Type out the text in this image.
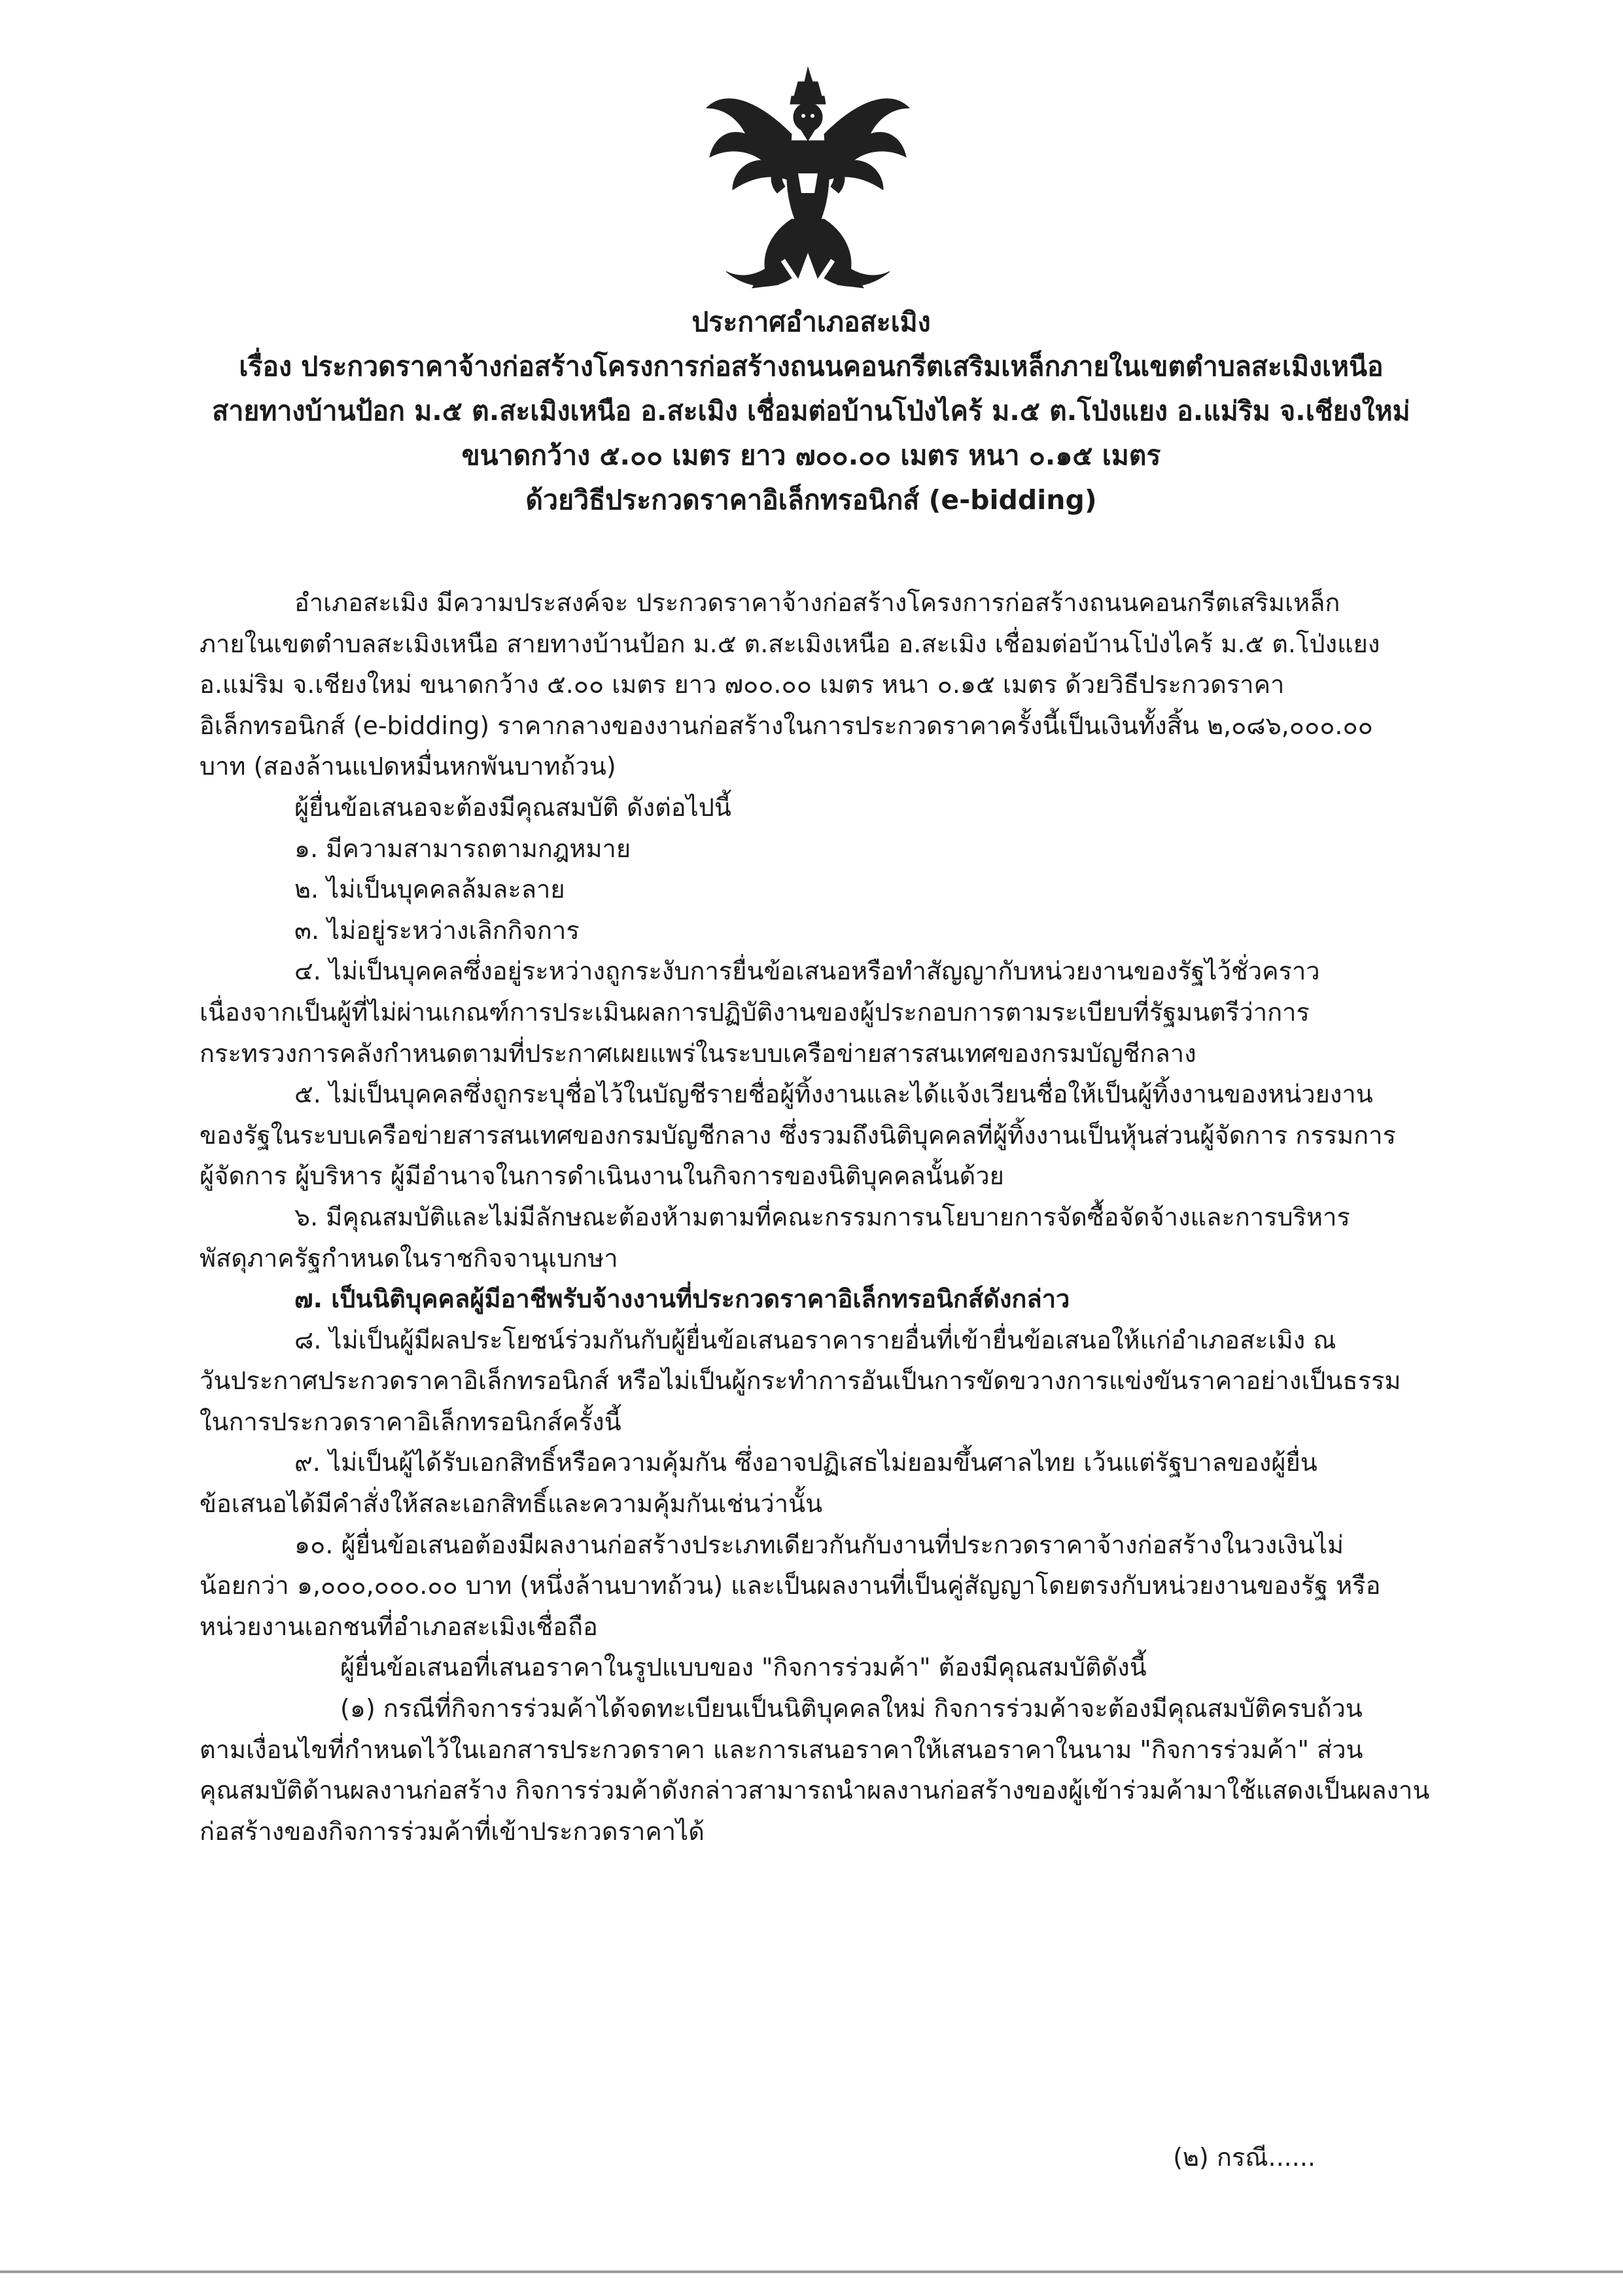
ประกาศอำเภอสะเมิง
เรื่อง ประกวดราคาจ้างก่อสร้างโครงการก่อสร้างถนนคอนกรีตเสริมเหล็กภายในเขตตำบลสะเมิงเหนือ
สายทางบ้านป้อก ม.๕ ต.สะเมิงเหนือ อ.สะเมิง เชื่อมต่อบ้านโป่งไคร้ ม.๕ ต.โป่งแยง อ.แม่ริม จ.เชียงใหม่
ขนาดกว้าง ๕.๐๐ เมตร ยาว ๗๐๐.๐๐ เมตร หนา ๐.๑๕ เมตร
ด้วยวิธีประกวดราคาอิเล็กทรอนิกส์ (e-bidding)
อำเภอสะเมิง มีความประสงค์จะ ประกวดราคาจ้างก่อสร้างโครงการก่อสร้างถนนคอนกรีตเสริมเหล็ก
ภายในเขตตำบลสะเมิงเหนือ สายทางบ้านป้อก ม.๕ ต.สะเมิงเหนือ อ.สะเมิง เชื่อมต่อบ้านโป่งไคร้ ม.๕ ต.โป่งแยง
อ.แม่ริม จ.เชียงใหม่ ขนาดกว้าง ๕.๐๐ เมตร ยาว ๗๐๐.๐๐ เมตร หนา ๐.๑๕ เมตร ด้วยวิธีประกวดราคา
อิเล็กทรอนิกส์ (e-bidding) ราคากลางของงานก่อสร้างในการประกวดราคาครั้งนี้เป็นเงินทั้งสิ้น ๒,๐๘๖,๐๐๐.๐๐
บาท (สองล้านแปดหมื่นหกพันบาทถ้วน)
ผู้ยื่นข้อเสนอจะต้องมีคุณสมบัติ ดังต่อไปนี้
๑. มีความสามารถตามกฎหมาย
๒. ไม่เป็นบุคคลล้มละลาย
๓. ไม่อยู่ระหว่างเลิกกิจการ
๔. ไม่เป็นบุคคลซึ่งอยู่ระหว่างถูกระงับการยื่นข้อเสนอหรือทำสัญญากับหน่วยงานของรัฐไว้ชั่วคราว
เนื่องจากเป็นผู้ที่ไม่ผ่านเกณฑ์การประเมินผลการปฏิบัติงานของผู้ประกอบการตามระเบียบที่รัฐมนตรีว่าการ
กระทรวงการคลังกำหนดตามที่ประกาศเผยแพร่ในระบบเครือข่ายสารสนเทศของกรมบัญชีกลาง
๕. ไม่เป็นบุคคลซึ่งถูกระบุชื่อไว้ในบัญชีรายชื่อผู้ทิ้งงานและได้แจ้งเวียนชื่อให้เป็นผู้ทิ้งงานของหน่วยงาน
ของรัฐในระบบเครือข่ายสารสนเทศของกรมบัญชีกลาง ซึ่งรวมถึงนิติบุคคลที่ผู้ทิ้งงานเป็นหุ้นส่วนผู้จัดการ กรรมการ
ผู้จัดการ ผู้บริหาร ผู้มีอำนาจในการดำเนินงานในกิจการของนิติบุคคลนั้นด้วย
๖. มีคุณสมบัติและไม่มีลักษณะต้องห้ามตามที่คณะกรรมการนโยบายการจัดซื้อจัดจ้างและการบริหาร
พัสดุภาครัฐกำหนดในราชกิจจานุเบกษา
๗. เป็นนิติบุคคลผู้มีอาชีพรับจ้างงานที่ประกวดราคาอิเล็กทรอนิกส์ดังกล่าว
๘. ไม่เป็นผู้มีผลประโยชน์ร่วมกันกับผู้ยื่นข้อเสนอราคารายอื่นที่เข้ายื่นข้อเสนอให้แก่อำเภอสะเมิง ณ
วันประกาศประกวดราคาอิเล็กทรอนิกส์ หรือไม่เป็นผู้กระทำการอันเป็นการขัดขวางการแข่งขันราคาอย่างเป็นธรรม
ในการประกวดราคาอิเล็กทรอนิกส์ครั้งนี้
๙. ไม่เป็นผู้ได้รับเอกสิทธิ์หรือความคุ้มกัน ซึ่งอาจปฏิเสธไม่ยอมขึ้นศาลไทย เว้นแต่รัฐบาลของผู้ยื่น
ข้อเสนอได้มีคำสั่งให้สละเอกสิทธิ์และความคุ้มกันเช่นว่านั้น
๑๐. ผู้ยื่นข้อเสนอต้องมีผลงานก่อสร้างประเภทเดียวกันกับงานที่ประกวดราคาจ้างก่อสร้างในวงเงินไม่
น้อยกว่า ๑,๐๐๐,๐๐๐.๐๐ บาท (หนึ่งล้านบาทถ้วน) และเป็นผลงานที่เป็นคู่สัญญาโดยตรงกับหน่วยงานของรัฐ หรือ
หน่วยงานเอกชนที่อำเภอสะเมิงเชื่อถือ
ผู้ยื่นข้อเสนอที่เสนอราคาในรูปแบบของ "กิจการร่วมค้า" ต้องมีคุณสมบัติดังนี้
(๑) กรณีที่กิจการร่วมค้าได้จดทะเบียนเป็นนิติบุคคลใหม่ กิจการร่วมค้าจะต้องมีคุณสมบัติครบถ้วน
ตามเงื่อนไขที่กำหนดไว้ในเอกสารประกวดราคา และการเสนอราคาให้เสนอราคาในนาม "กิจการร่วมค้า" ส่วน
คุณสมบัติด้านผลงานก่อสร้าง กิจการร่วมค้าดังกล่าวสามารถนำผลงานก่อสร้างของผู้เข้าร่วมค้ามาใช้แสดงเป็นผลงาน
ก่อสร้างของกิจการร่วมค้าที่เข้าประกวดราคาได้
(๒) กรณี......
